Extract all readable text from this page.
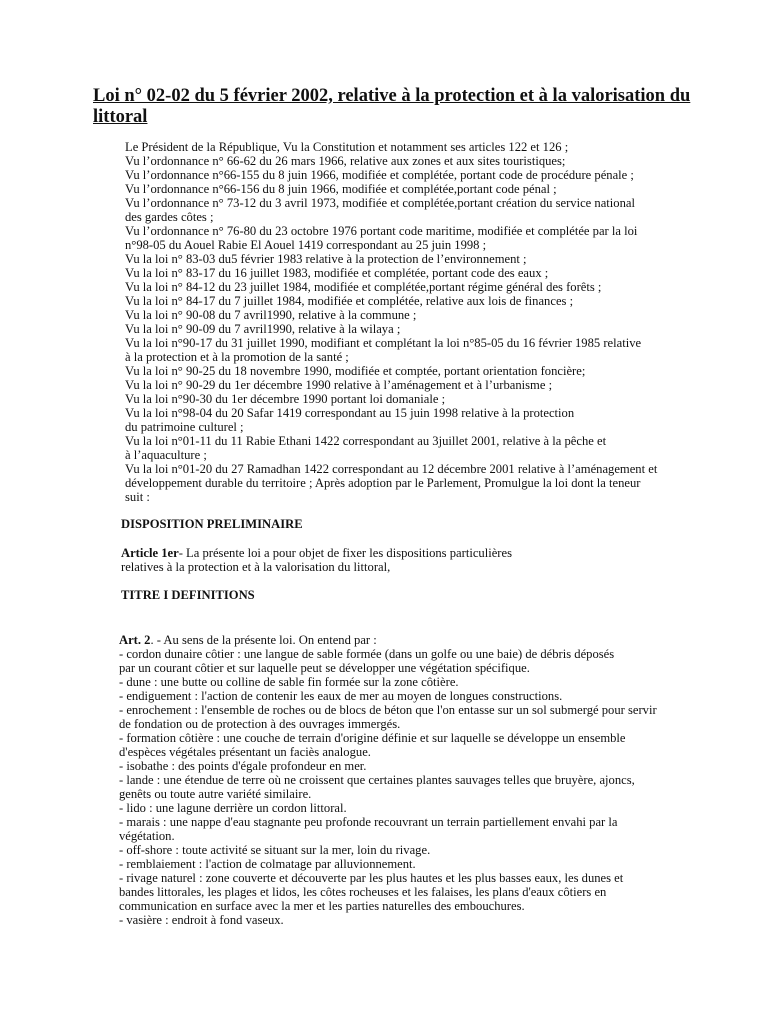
Loi n° 02-02 du 5 février 2002, relative à la protection et à la valorisation du littoral
Le Président de la République, Vu la Constitution et notamment ses articles 122 et 126 ;
Vu l’ordonnance n° 66-62 du 26 mars 1966, relative aux zones et aux sites touristiques;
Vu l’ordonnance n°66-155 du 8 juin 1966, modifiée et complétée, portant code de procédure pénale ;
Vu l’ordonnance n°66-156 du 8 juin 1966, modifiée et complétée,portant code pénal ;
Vu l’ordonnance n° 73-12 du 3 avril 1973, modifiée et complétée,portant création du service national
des gardes côtes ;
Vu l’ordonnance n° 76-80 du 23 octobre 1976 portant code maritime, modifiée et complétée par la loi
n°98-05 du Aouel Rabie El Aouel 1419 correspondant au 25 juin 1998 ;
Vu la loi n° 83-03 du5 février 1983 relative à la protection de l’environnement ;
Vu la loi n° 83-17 du 16 juillet 1983, modifiée et complétée, portant code des eaux ;
Vu la loi n° 84-12 du 23 juillet 1984, modifiée et complétée,portant régime général des forêts ;
Vu la loi n° 84-17 du 7 juillet 1984, modifiée et complétée, relative aux lois de finances ;
Vu la loi n° 90-08 du 7 avril1990, relative à la commune ;
Vu la loi n° 90-09 du 7 avril1990, relative à la wilaya ;
Vu la loi n°90-17 du 31 juillet 1990, modifiant et complétant la loi n°85-05 du 16 février 1985 relative
à la protection et à la promotion de la santé ;
Vu la loi n° 90-25 du 18 novembre 1990, modifiée et comptée, portant orientation foncière;
Vu la loi n° 90-29 du 1er décembre 1990 relative à l’aménagement et à l’urbanisme ;
Vu la loi n°90-30 du 1er décembre 1990 portant loi domaniale ;
Vu la loi n°98-04 du 20 Safar 1419 correspondant au 15 juin 1998 relative à la protection
du patrimoine culturel ;
Vu la loi n°01-11 du 11 Rabie Ethani 1422 correspondant au 3juillet 2001, relative à la pêche et
à l’aquaculture ;
Vu la loi n°01-20 du 27 Ramadhan 1422 correspondant au 12 décembre 2001 relative à l’aménagement et
développement durable du territoire ; Après adoption par le Parlement, Promulgue la loi dont la teneur
suit :
DISPOSITION PRELIMINAIRE
Article 1er- La présente loi a pour objet de fixer les dispositions particulières
relatives à la protection et à la valorisation du littoral,
TITRE I DEFINITIONS
Art. 2. - Au sens de la présente loi. On entend par :
- cordon dunaire côtier : une langue de sable formée (dans un golfe ou une baie) de débris déposés
par un courant côtier et sur laquelle peut se développer une végétation spécifique.
- dune : une butte ou colline de sable fin formée sur la zone côtière.
- endiguement : l'action de contenir les eaux de mer au moyen de longues constructions.
- enrochement : l'ensemble de roches ou de blocs de béton que l'on entasse sur un sol submergé pour servir
de fondation ou de protection à des ouvrages immergés.
- formation côtière : une couche de terrain d'origine définie et sur laquelle se développe un ensemble
d'espèces végétales présentant un faciès analogue.
- isobathe : des points d'égale profondeur en mer.
- lande : une étendue de terre où ne croissent que certaines plantes sauvages telles que bruyère, ajoncs,
genêts ou toute autre variété similaire.
- lido : une lagune derrière un cordon littoral.
- marais : une nappe d'eau stagnante peu profonde recouvrant un terrain partiellement envahi par la
végétation.
- off-shore : toute activité se situant sur la mer, loin du rivage.
- remblaiement : l'action de colmatage par alluvionnement.
- rivage naturel : zone couverte et découverte par les plus hautes et les plus basses eaux, les dunes et
bandes littorales, les plages et lidos, les côtes rocheuses et les falaises, les plans d'eaux côtiers en
communication en surface avec la mer et les parties naturelles des embouchures.
- vasière : endroit à fond vaseux.
